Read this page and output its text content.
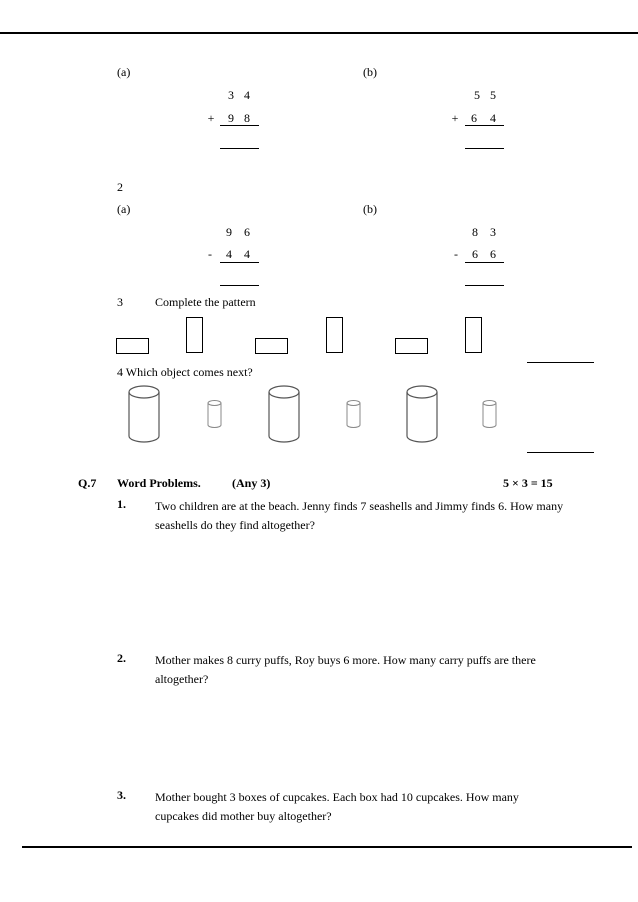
(a)
3 4
+ 9 8
(b)
5 5
+ 6 4
2
(a)
9 6
-	4 4
(b)
8 3
-	6 6
3	Complete the pattern
4 Which object comes next?
Q.7 Word Problems.	(Any 3)	5 × 3 = 15
1. Two children are at the beach. Jenny finds 7 seashells and Jimmy finds 6. How many seashells do they find altogether?
2. Mother makes 8 curry puffs, Roy buys 6 more. How many carry puffs are there altogether?
3. Mother bought 3 boxes of cupcakes. Each box had 10 cupcakes. How many cupcakes did mother buy altogether?
